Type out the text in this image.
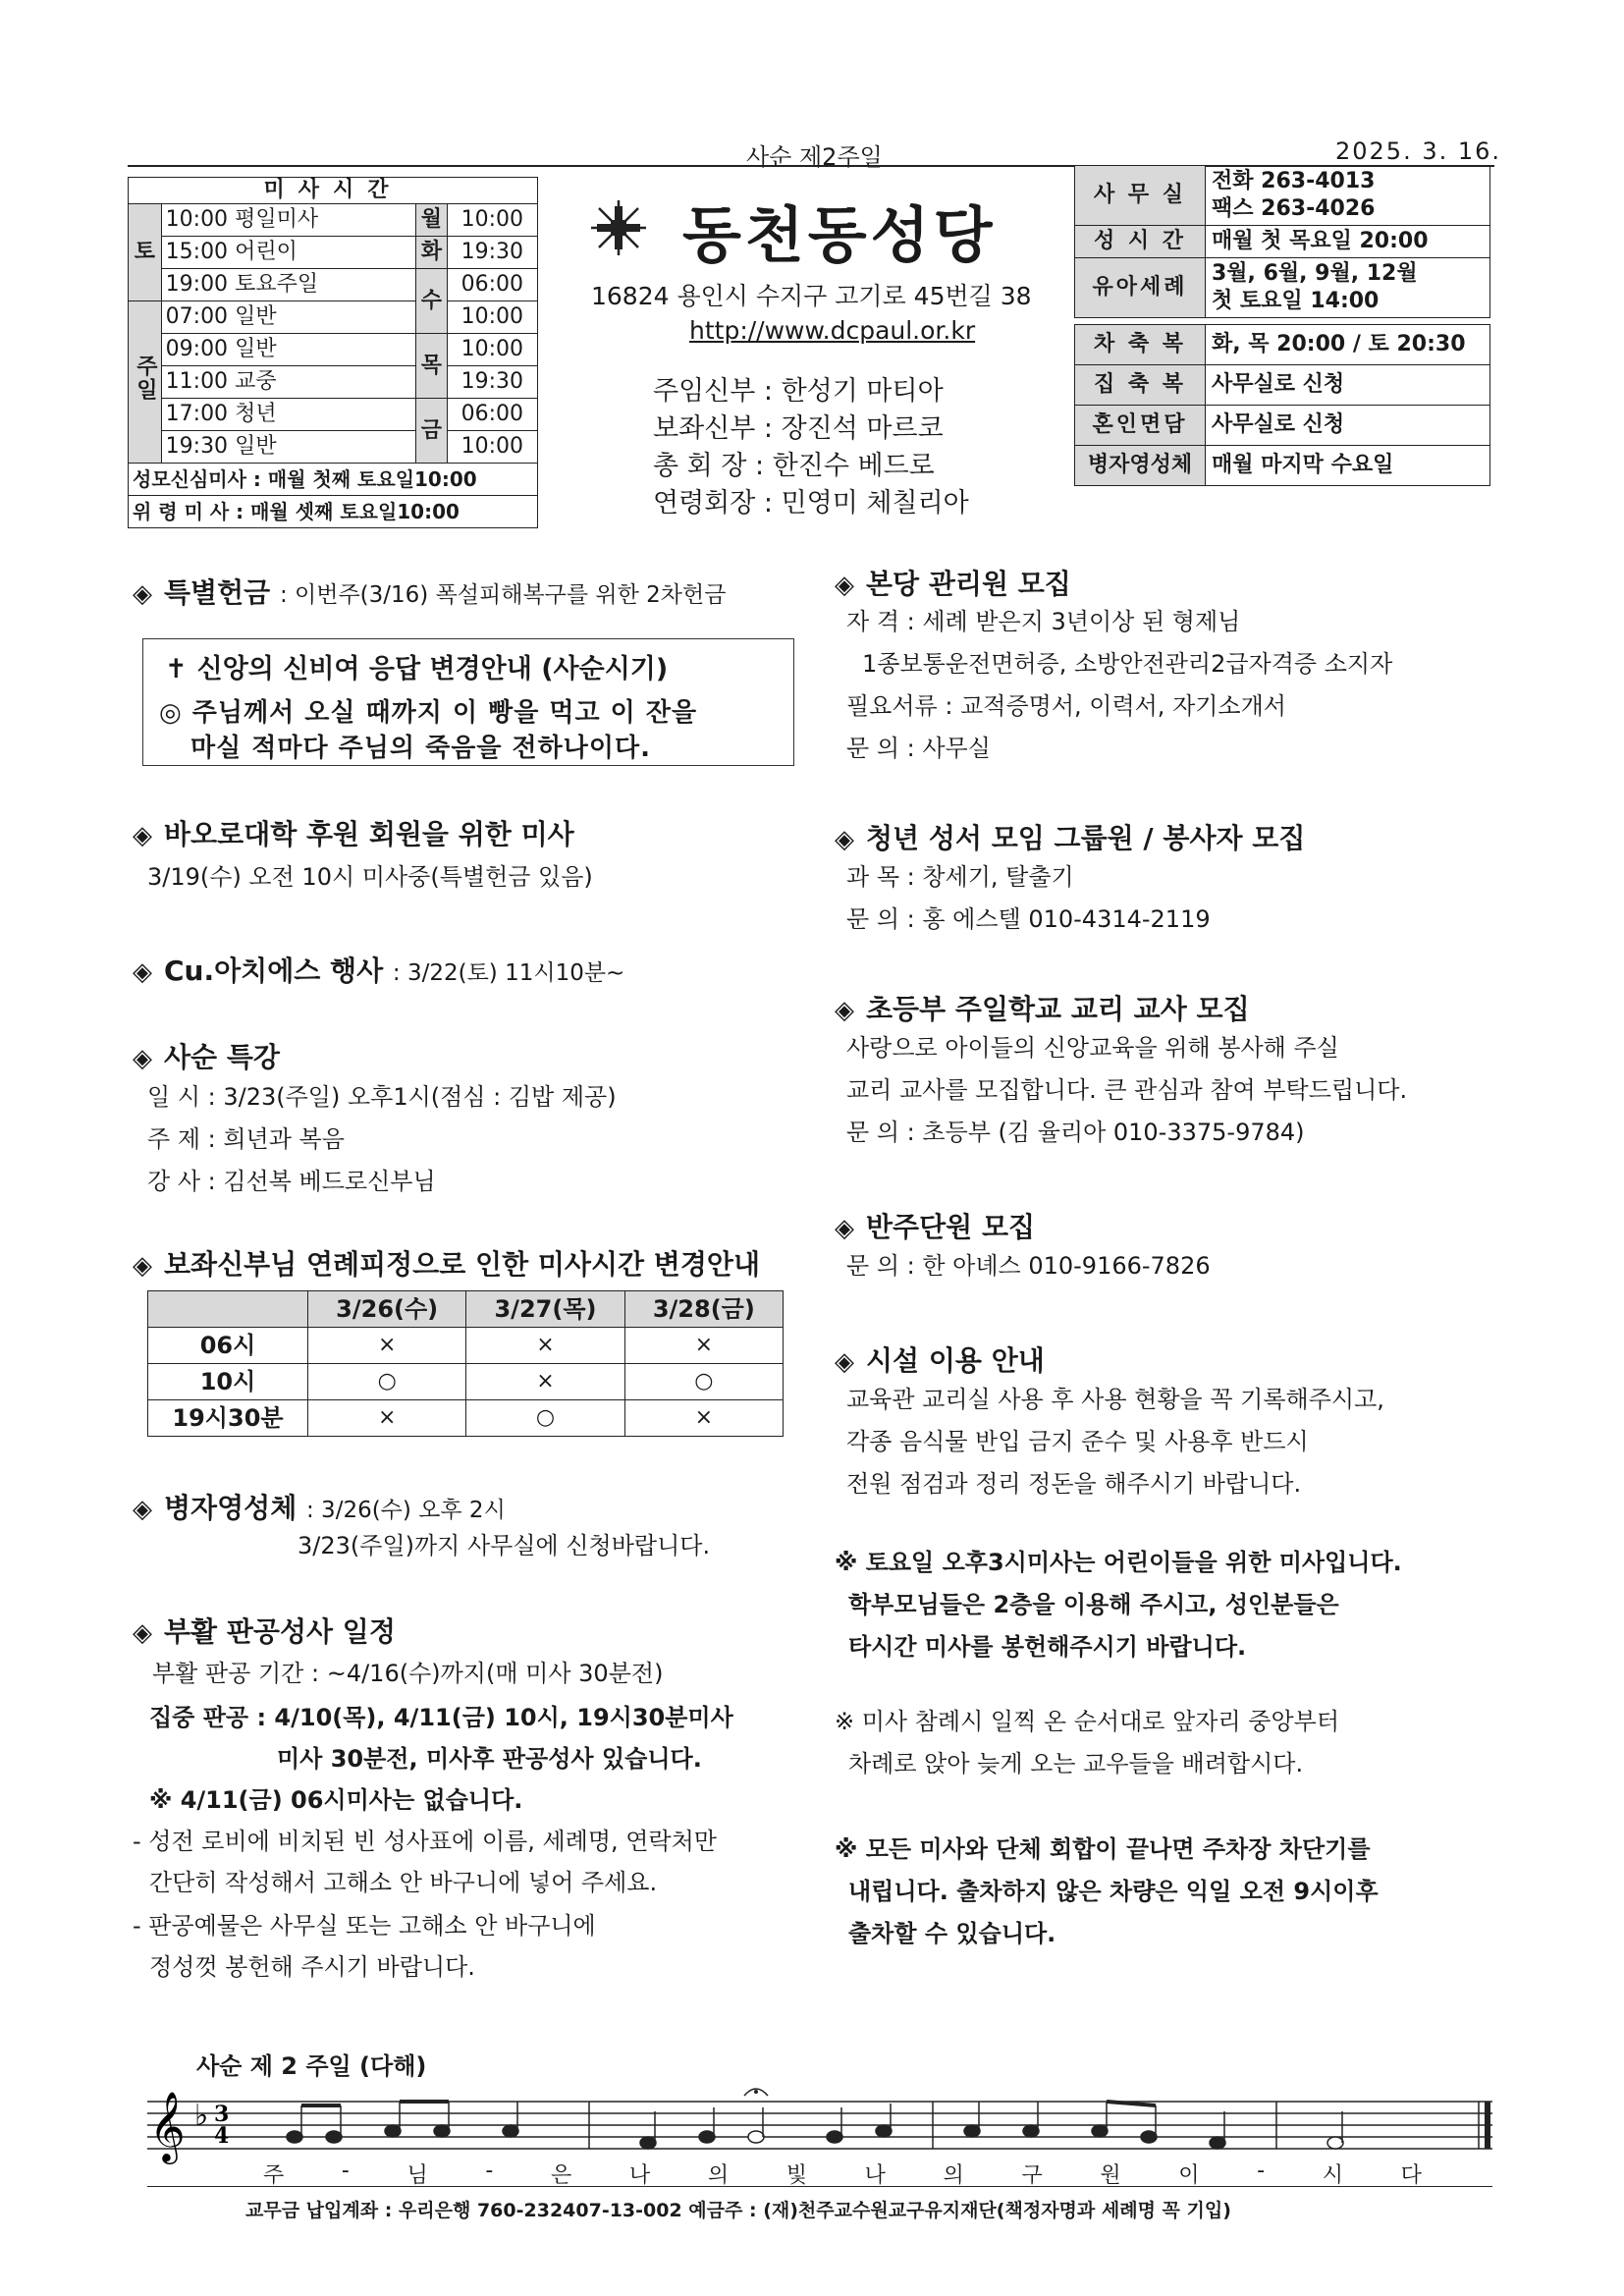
사순 제2주일	2025. 3. 16.
미사시간			
토	10:00 평일미사	월	10:00
	15:00 어린이	화	19:30
	19:00 토요주일	수	06:00
주일	07:00 일반		10:00
	09:00 일반	목	10:00
	11:00 교중		19:30
	17:00 청년	금	06:00
	19:30 일반		10:00
성모신심미사 : 매월 첫째 토요일10:00			
위 령 미 사 : 매월 셋째 토요일10:00			
동천동성당
16824 용인시 수지구 고기로 45번길 38
http://www.dcpaul.or.kr
주임신부 : 한성기 마티아
보좌신부 : 장진석 마르코
총 회 장 : 한진수 베드로
연령회장 : 민영미 체칠리아
사 무 실	전화 263-4013
팩스 263-4026

성 시 간	매월 첫 목요일 20:00
유아세례	3월, 6월, 9월, 12월
첫 토요일 14:00

차 축 복	화, 목 20:00 / 토 20:30
집 축 복	사무실로 신청
혼인면담	사무실로 신청
병자영성체	매월 마지막 수요일
◈ 특별헌금 : 이번주(3/16) 폭설피해복구를 위한 2차헌금
✝ 신앙의 신비여 응답 변경안내 (사순시기)
◎ 주님께서 오실 때까지 이 빵을 먹고 이 잔을
마실 적마다 주님의 죽음을 전하나이다.
◈ 바오로대학 후원 회원을 위한 미사
3/19(수) 오전 10시 미사중(특별헌금 있음)
◈ Cu.아치에스 행사 : 3/22(토) 11시10분~
◈ 사순 특강
일 시 : 3/23(주일) 오후1시(점심 : 김밥 제공)
주 제 : 희년과 복음
강 사 : 김선복 베드로신부님
◈ 보좌신부님 연례피정으로 인한 미사시간 변경안내
	3/26(수)	3/27(목)	3/28(금)
06시	×	×	×
10시	○	×	○
19시30분	×	○	×
◈ 병자영성체 : 3/26(수) 오후 2시
3/23(주일)까지 사무실에 신청바랍니다.
◈ 부활 판공성사 일정
부활 판공 기간 : ~4/16(수)까지(매 미사 30분전)
집중 판공 : 4/10(목), 4/11(금) 10시, 19시30분미사
미사 30분전, 미사후 판공성사 있습니다.
※ 4/11(금) 06시미사는 없습니다.
- 성전 로비에 비치된 빈 성사표에 이름, 세례명, 연락처만
간단히 작성해서 고해소 안 바구니에 넣어 주세요.
- 판공예물은 사무실 또는 고해소 안 바구니에
정성껏 봉헌해 주시기 바랍니다.
◈ 본당 관리원 모집
자 격 : 세례 받은지 3년이상 된 형제님
1종보통운전면허증, 소방안전관리2급자격증 소지자
필요서류 : 교적증명서, 이력서, 자기소개서
문 의 : 사무실
◈ 청년 성서 모임 그룹원 / 봉사자 모집
과 목 : 창세기, 탈출기
문 의 : 홍 에스텔 010-4314-2119
◈ 초등부 주일학교 교리 교사 모집
사랑으로 아이들의 신앙교육을 위해 봉사해 주실
교리 교사를 모집합니다. 큰 관심과 참여 부탁드립니다.
문 의 : 초등부 (김 율리아 010-3375-9784)
◈ 반주단원 모집
문 의 : 한 아녜스 010-9166-7826
◈ 시설 이용 안내
교육관 교리실 사용 후 사용 현황을 꼭 기록해주시고,
각종 음식물 반입 금지 준수 및 사용후 반드시
전원 점검과 정리 정돈을 해주시기 바랍니다.
※ 토요일 오후3시미사는 어린이들을 위한 미사입니다.
학부모님들은 2층을 이용해 주시고, 성인분들은
타시간 미사를 봉헌해주시기 바랍니다.
※ 미사 참례시 일찍 온 순서대로 앞자리 중앙부터
차례로 앉아 늦게 오는 교우들을 배려합시다.
※ 모든 미사와 단체 회합이 끝나면 주차장 차단기를
내립니다. 출차하지 않은 차량은 익일 오전 9시이후
출차할 수 있습니다.
사순 제 2 주일 (다해)
𝄞 ♭ 3
4
주	-	님	-	은	나	의	빛	나	의	구	원	이	-	시	다
교무금 납입계좌 : 우리은행 760-232407-13-002 예금주 : (재)천주교수원교구유지재단(책정자명과 세례명 꼭 기입)
